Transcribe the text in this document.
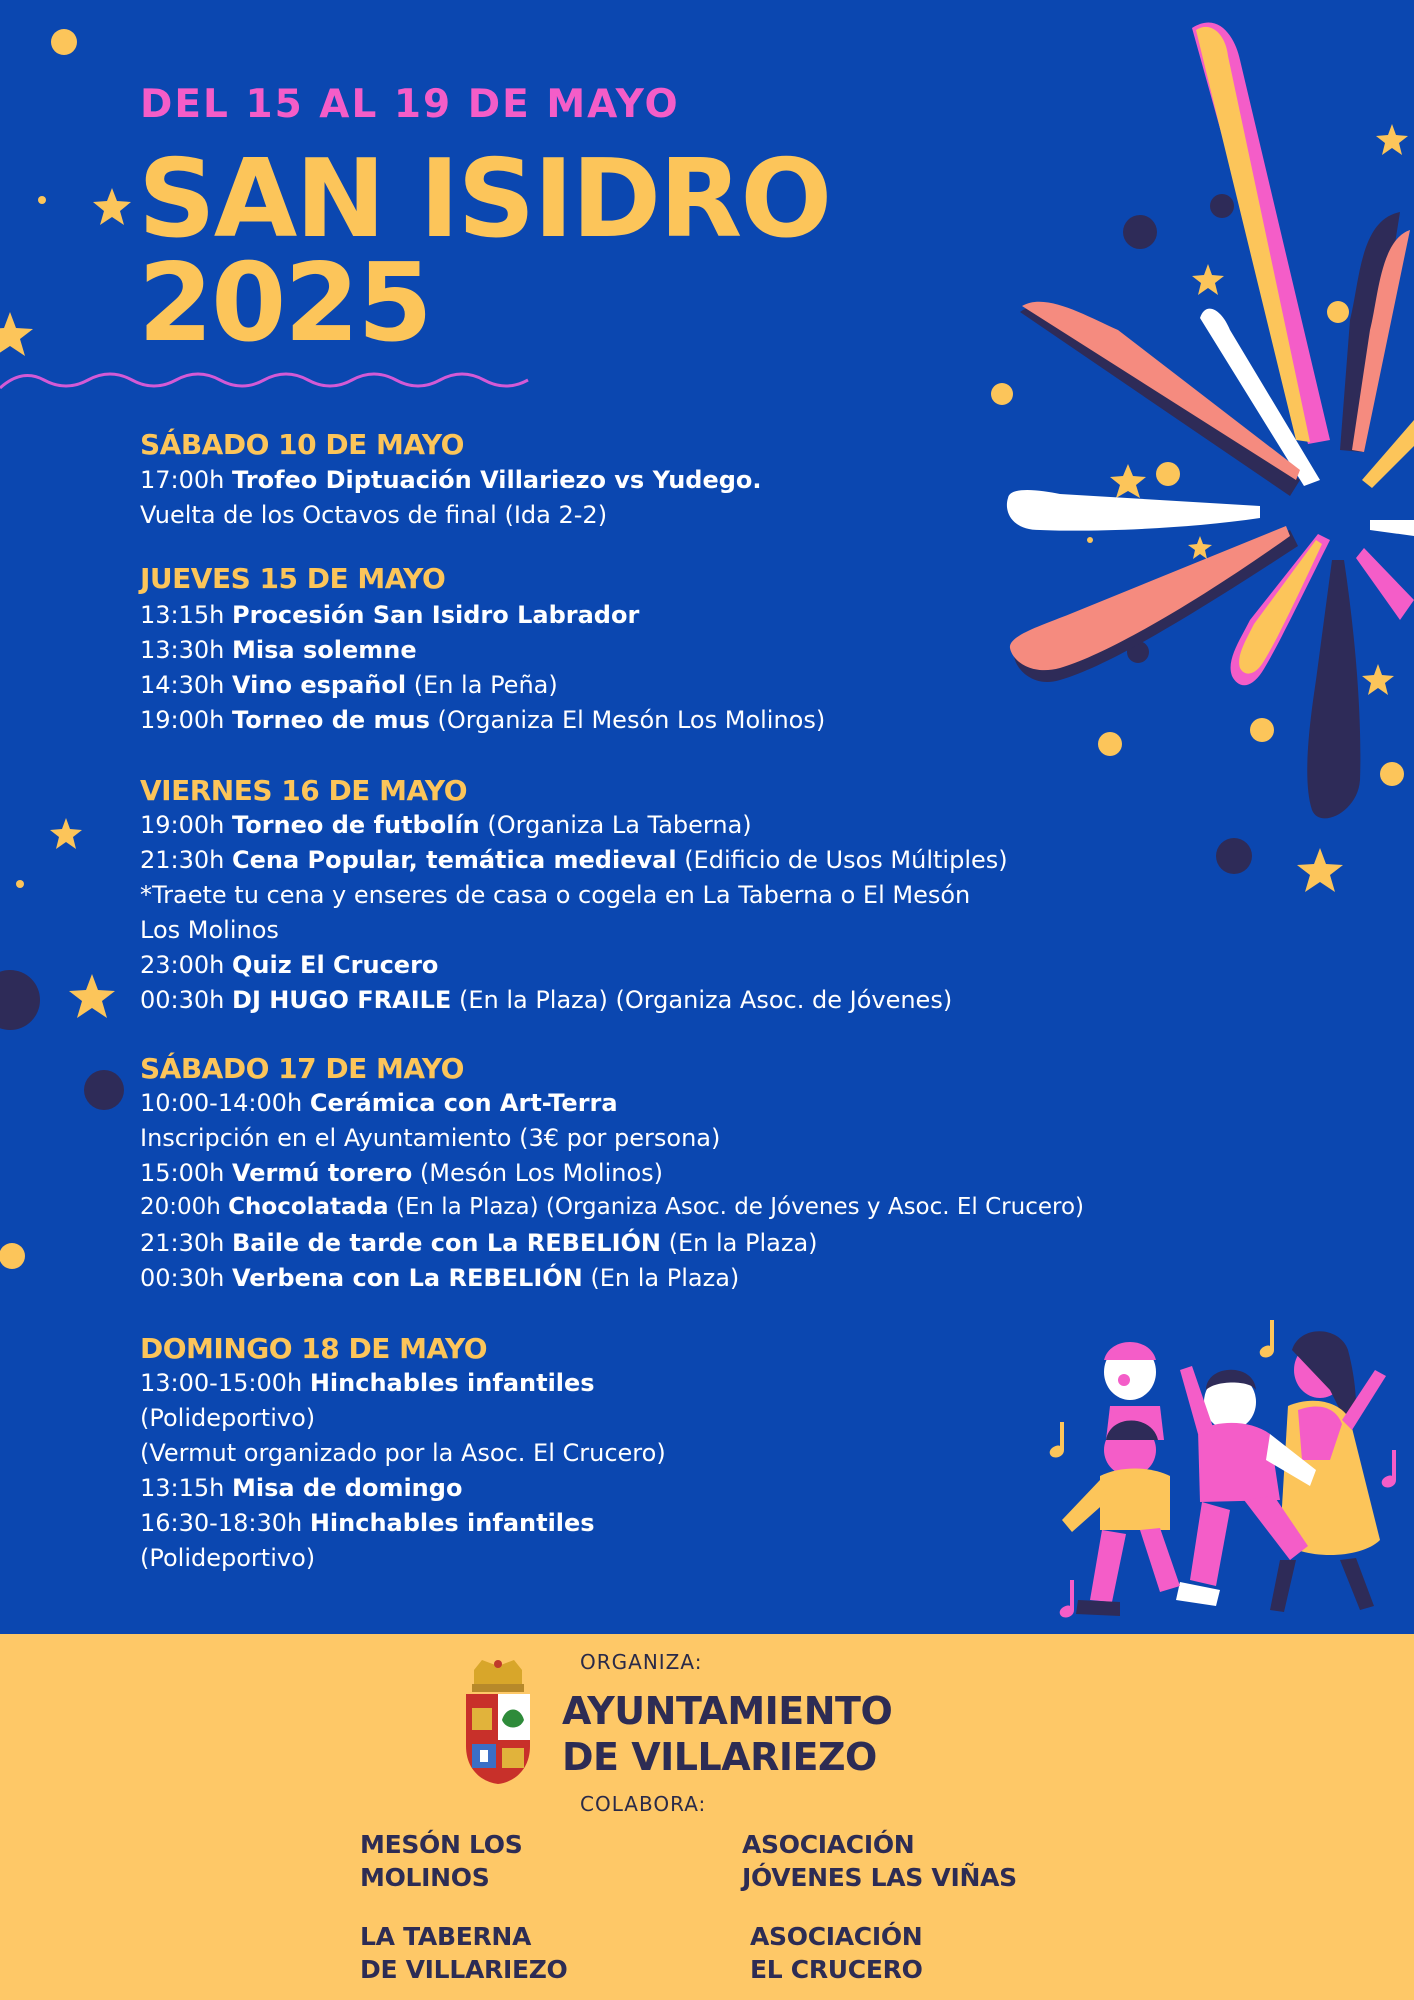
DEL 15 AL 19 DE MAYO
SAN ISIDRO
2025
SÁBADO 10 DE MAYO
17:00h Trofeo Diptuación Villariezo vs Yudego.
Vuelta de los Octavos de final (Ida 2-2)
JUEVES 15 DE MAYO
13:15h Procesión San Isidro Labrador
13:30h Misa solemne
14:30h Vino español (En la Peña)
19:00h Torneo de mus (Organiza El Mesón Los Molinos)
VIERNES 16 DE MAYO
19:00h Torneo de futbolín (Organiza La Taberna)
21:30h Cena Popular, temática medieval (Edificio de Usos Múltiples)
*Traete tu cena y enseres de casa o cogela en La Taberna o El Mesón
Los Molinos
23:00h Quiz El Crucero
00:30h DJ HUGO FRAILE (En la Plaza) (Organiza Asoc. de Jóvenes)
SÁBADO 17 DE MAYO
10:00-14:00h Cerámica con Art-Terra
Inscripción en el Ayuntamiento (3€ por persona)
15:00h Vermú torero (Mesón Los Molinos)
20:00h Chocolatada (En la Plaza) (Organiza Asoc. de Jóvenes y Asoc. El Crucero)
21:30h Baile de tarde con La REBELIÓN (En la Plaza)
00:30h Verbena con La REBELIÓN (En la Plaza)
DOMINGO 18 DE MAYO
13:00-15:00h Hinchables infantiles
(Polideportivo)
(Vermut organizado por la Asoc. El Crucero)
13:15h Misa de domingo
16:30-18:30h Hinchables infantiles
(Polideportivo)
ORGANIZA:
AYUNTAMIENTO
DE VILLARIEZO
COLABORA:
MESÓN LOS
MOLINOS
ASOCIACIÓN
JÓVENES LAS VIÑAS
LA TABERNA
DE VILLARIEZO
ASOCIACIÓN
EL CRUCERO
